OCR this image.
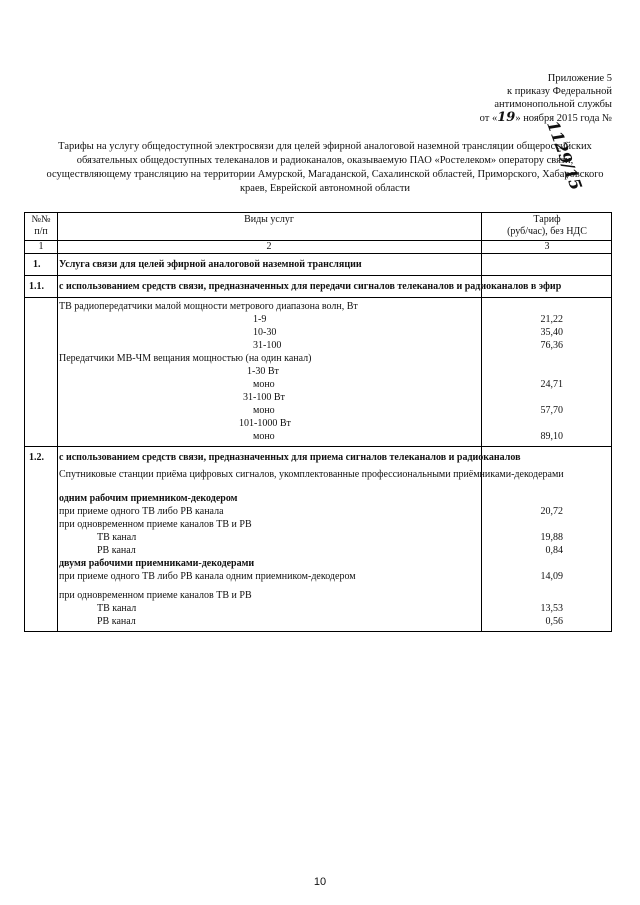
Приложение 5
к приказу Федеральной
антимонопольной службы
от «19» ноября 2015 года №
1129/15
Тарифы на услугу общедоступной электросвязи для целей эфирной аналоговой наземной трансляции общероссийских обязательных общедоступных телеканалов и радиоканалов, оказываемую ПАО «Ростелеком» оператору связи, осуществляющему трансляцию на территории Амурской, Магаданской, Сахалинской областей, Приморского, Хабаровского краев, Еврейской автономной области
№№
п/п
Виды услуг	Тариф
(руб/час), без НДС
1	2	3
1. Услуга связи для целей эфирной аналоговой наземной трансляции
1.1. с использованием средств связи, предназначенных для передачи сигналов телеканалов и радиоканалов в эфир
ТВ радиопередатчики малой мощности метрового диапазона волн, Вт
1-9	21,22
10-30	35,40
31-100	76,36
Передатчики МВ-ЧМ вещания мощностью (на один канал)
1-30 Вт
моно	24,71
31-100 Вт
моно	57,70
101-1000 Вт
моно	89,10
1.2. с использованием средств связи, предназначенных для приема сигналов телеканалов и радиоканалов
Спутниковые станции приёма цифровых сигналов, укомплектованные профессиональными приёмниками-декодерами
одним рабочим приемником-декодером
при приеме одного ТВ либо РВ канала	20,72
при одновременном приеме каналов ТВ и РВ
ТВ канал	19,88
РВ канал	0,84
двумя рабочими приемниками-декодерами
при приеме одного ТВ либо РВ канала одним приемником-декодером	14,09
при одновременном приеме каналов ТВ и РВ
ТВ канал	13,53
РВ канал	0,56
10
